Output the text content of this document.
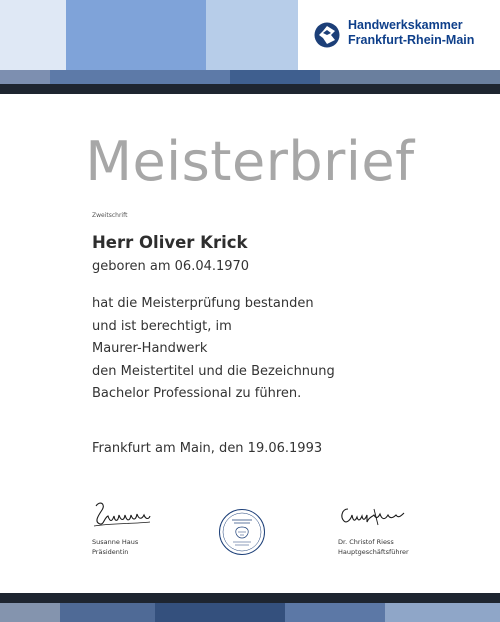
Handwerkskammer
Frankfurt-Rhein-Main
Meisterbrief
Zweitschrift
Herr Oliver Krick
geboren am 06.04.1970
hat die Meisterprüfung bestanden
und ist berechtigt, im
Maurer-Handwerk
den Meistertitel und die Bezeichnung
Bachelor Professional zu führen.
Frankfurt am Main, den 19.06.1993
Susanne Haus
Präsidentin
Dr. Christof Riess
Hauptgeschäftsführer
